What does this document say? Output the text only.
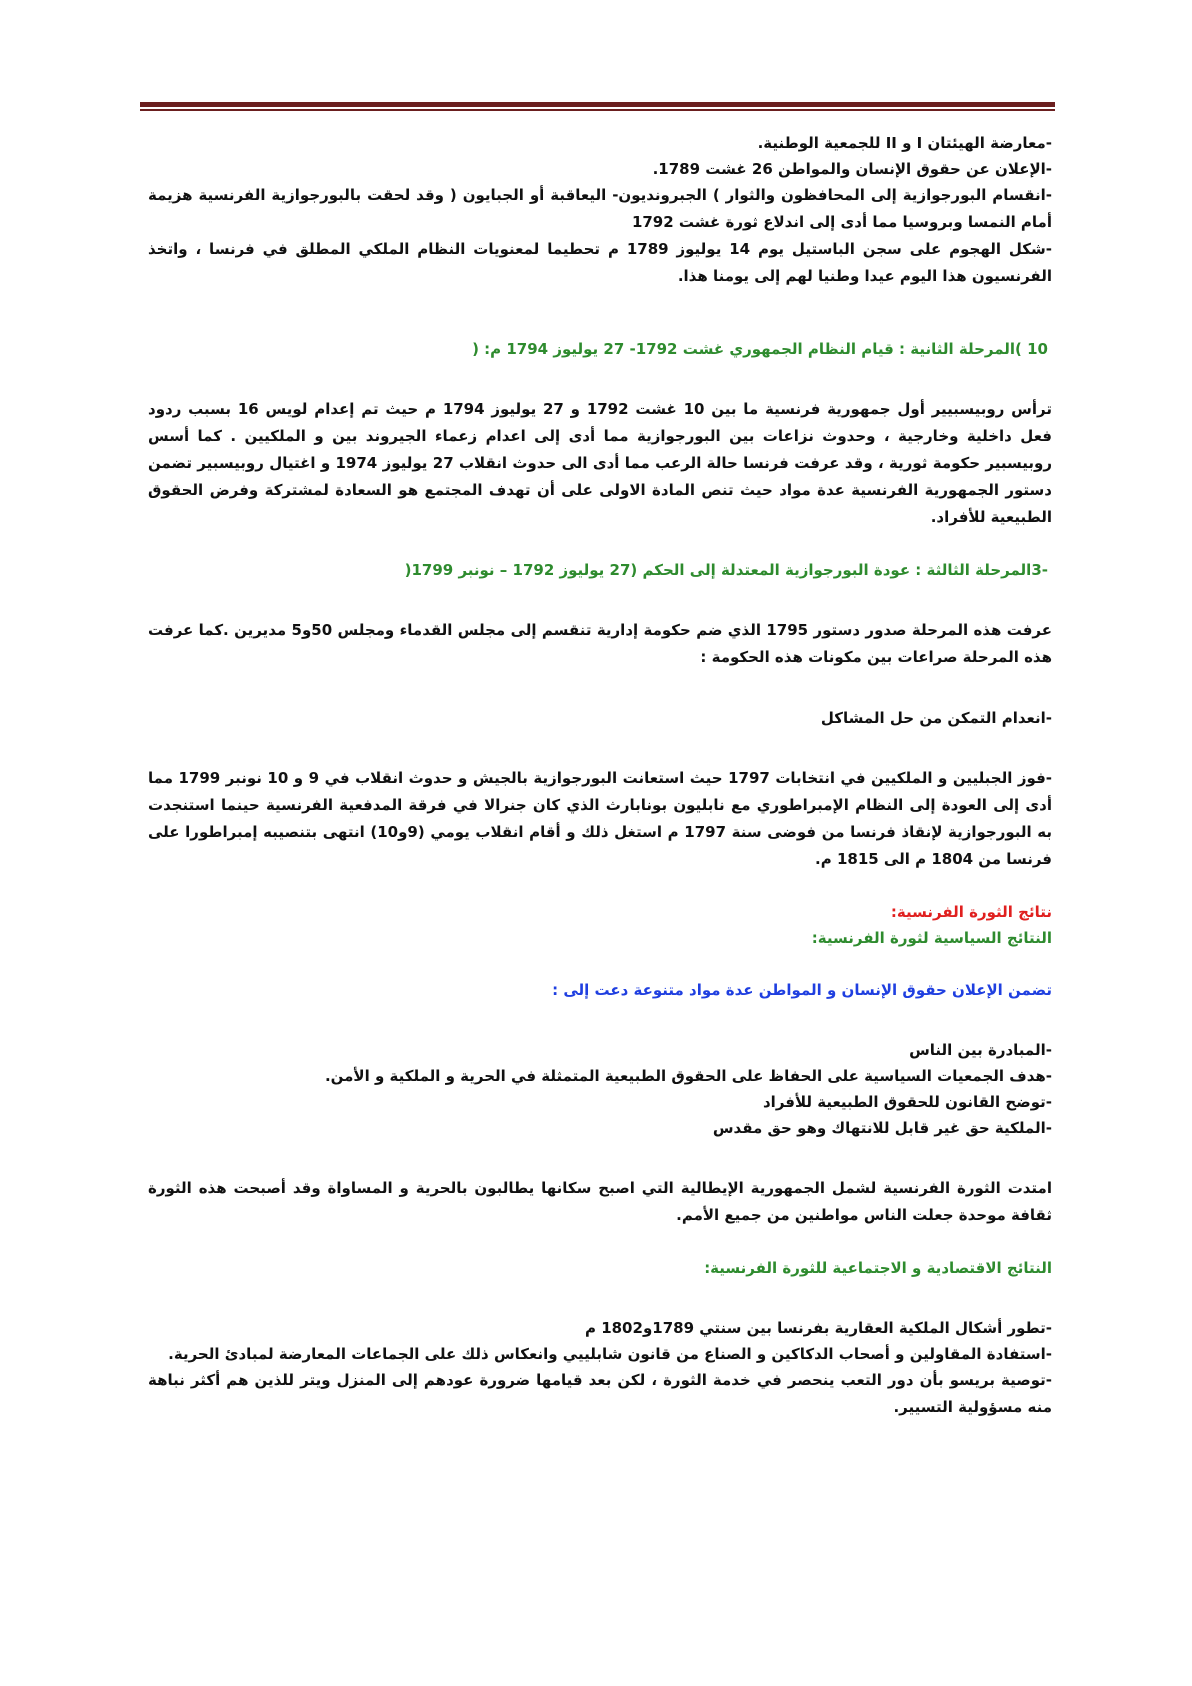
-معارضة الهيئتان I و II للجمعية الوطنية.

-الإعلان عن حقوق الإنسان والمواطن 26 غشت 1789.

-انقسام البورجوازية إلى المحافظون والثوار ) الجبروندیون- اليعاقبة أو الجبايون ( وقد لحقت بالبورجوازية الفرنسية هزيمة أمام النمسا وبروسيا مما أدى إلى اندلاع ثورة غشت 1792

-شكل الهجوم على سجن الباستيل يوم 14 يوليوز 1789 م تحطيما لمعنويات النظام الملكي المطلق في فرنسا ، واتخذ الفرنسيون هذا اليوم عيدا وطنيا لهم إلى يومنا هذا.

10 )المرحلة الثانية : قيام النظام الجمهوري غشت 1792- 27 يوليوز 1794 م: (

ترأس روبيسبيير أول جمهورية فرنسية ما بين 10 غشت 1792 و 27 يوليوز 1794 م حيث تم إعدام لويس 16 بسبب ردود فعل داخلية وخارجية ، وحدوث نزاعات بين البورجوازية مما أدى إلى اعدام زعماء الجيروند بين و الملكيين . كما أسس روبيسبير حكومة ثورية ، وقد عرفت فرنسا حالة الرعب مما أدى الى حدوث انقلاب 27 يوليوز 1974 و اغتيال روبيسبير تضمن دستور الجمهورية الفرنسية عدة مواد حيث تنص المادة الاولى على أن تهدف المجتمع هو السعادة لمشتركة وفرض الحقوق الطبيعية للأفراد.

-3المرحلة الثالثة : عودة البورجوازية المعتدلة إلى الحكم (27 يوليوز 1792 – نونبر 1799(

عرفت هذه المرحلة صدور دستور 1795 الذي ضم حكومة إدارية تنقسم إلى مجلس القدماء ومجلس 50و5 مديرين .كما عرفت هذه المرحلة صراعات بين مكونات هذه الحكومة :

-انعدام التمكن من حل المشاكل

-فوز الجبليين و الملكيين في انتخابات 1797 حيث استعانت البورجوازية بالجيش و حدوث انقلاب في 9 و 10 نونبر 1799 مما أدى إلى العودة إلى النظام الإمبراطوري مع نابليون بونابارث الذي كان جنرالا في فرقة المدفعية الفرنسية حينما استنجدت به البورجوازية لإنقاذ فرنسا من فوضى سنة 1797 م استغل ذلك و أقام انقلاب يومي (9و10) انتهى بتنصيبه إمبراطورا على فرنسا من 1804 م الى 1815 م.

نتائج الثورة الفرنسية:

النتائج السياسية لثورة الفرنسية:

تضمن الإعلان حقوق الإنسان و المواطن عدة مواد متنوعة دعت إلى :

-المبادرة بين الناس

-هدف الجمعيات السياسية على الحفاظ على الحقوق الطبيعية المتمثلة في الحرية و الملكية و الأمن.

-توضح القانون للحقوق الطبيعية للأفراد

-الملكية حق غير قابل للانتهاك وهو حق مقدس

امتدت الثورة الفرنسية لشمل الجمهورية الإيطالية التي اصبح سكانها يطالبون بالحرية و المساواة وقد أصبحت هذه الثورة ثقافة موحدة جعلت الناس مواطنين من جميع الأمم.

النتائج الاقتصادية و الاجتماعية للثورة الفرنسية:

-تطور أشكال الملكية العقارية بفرنسا بين سنتي 1789و1802 م

-استفادة المقاولين و أصحاب الدكاكين و الصناع من قانون شابلييي وانعكاس ذلك على الجماعات المعارضة لمبادئ الحرية.

-توصية بريسو بأن دور التعب ينحصر في خدمة الثورة ، لكن بعد قيامها ضرورة عودهم إلى المنزل ويتر للذين هم أكثر نباهة منه مسؤولية التسيير.
